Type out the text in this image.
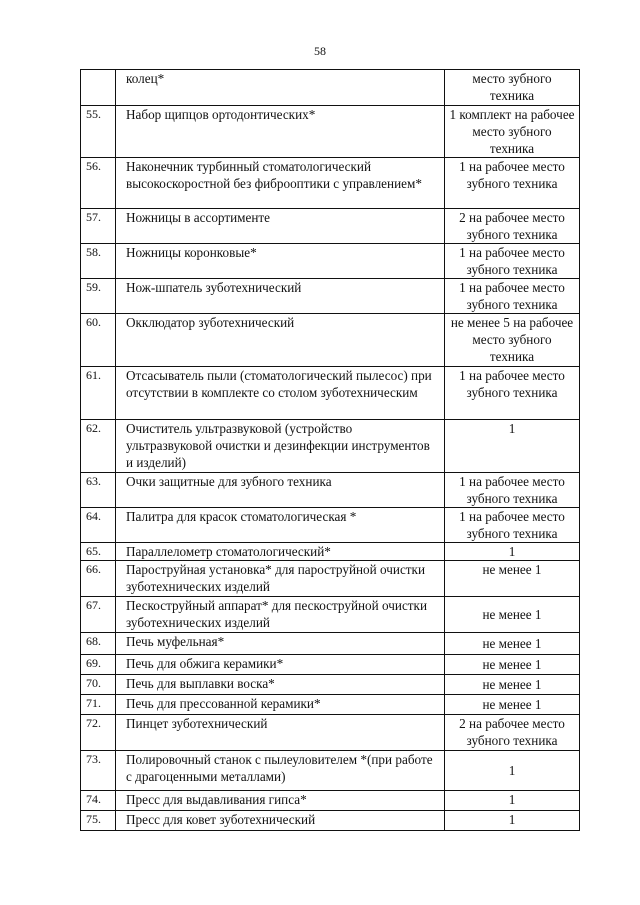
58
	колец*	место зубного техника
55.	Набор щипцов ортодонтических*	1 комплект на рабочее место зубного техника
56.	Наконечник турбинный стоматологический высокоскоростной без фиброоптики с управлением*	1 на рабочее место зубного техника
57.	Ножницы в ассортименте	2 на рабочее место зубного техника
58.	Ножницы коронковые*	1 на рабочее место зубного техника
59.	Нож-шпатель зуботехнический	1 на рабочее место зубного техника
60.	Окклюдатор зуботехнический	не менее 5 на рабочее место зубного техника
61.	Отсасыватель пыли (стоматологический пылесос) при отсутствии в комплекте со столом зуботехническим	1 на рабочее место зубного техника
62.	Очиститель ультразвуковой (устройство ультразвуковой очистки и дезинфекции инструментов и изделий)	1
63.	Очки защитные для зубного техника	1 на рабочее место зубного техника
64.	Палитра для красок стоматологическая *	1 на рабочее место зубного техника
65.	Параллелометр стоматологический*	1
66.	Пароструйная установка* для пароструйной очистки зуботехнических изделий	не менее 1
67.	Пескоструйный аппарат* для пескоструйной очистки зуботехнических изделий	не менее 1
68.	Печь муфельная*	не менее 1
69.	Печь для обжига керамики*	не менее 1
70.	Печь для выплавки воска*	не менее 1
71.	Печь для прессованной керамики*	не менее 1
72.	Пинцет зуботехнический	2 на рабочее место зубного техника
73.	Полировочный станок с пылеуловителем *(при работе с драгоценными металлами)	1
74.	Пресс для выдавливания гипса*	1
75.	Пресс для ковет зуботехнический	1
